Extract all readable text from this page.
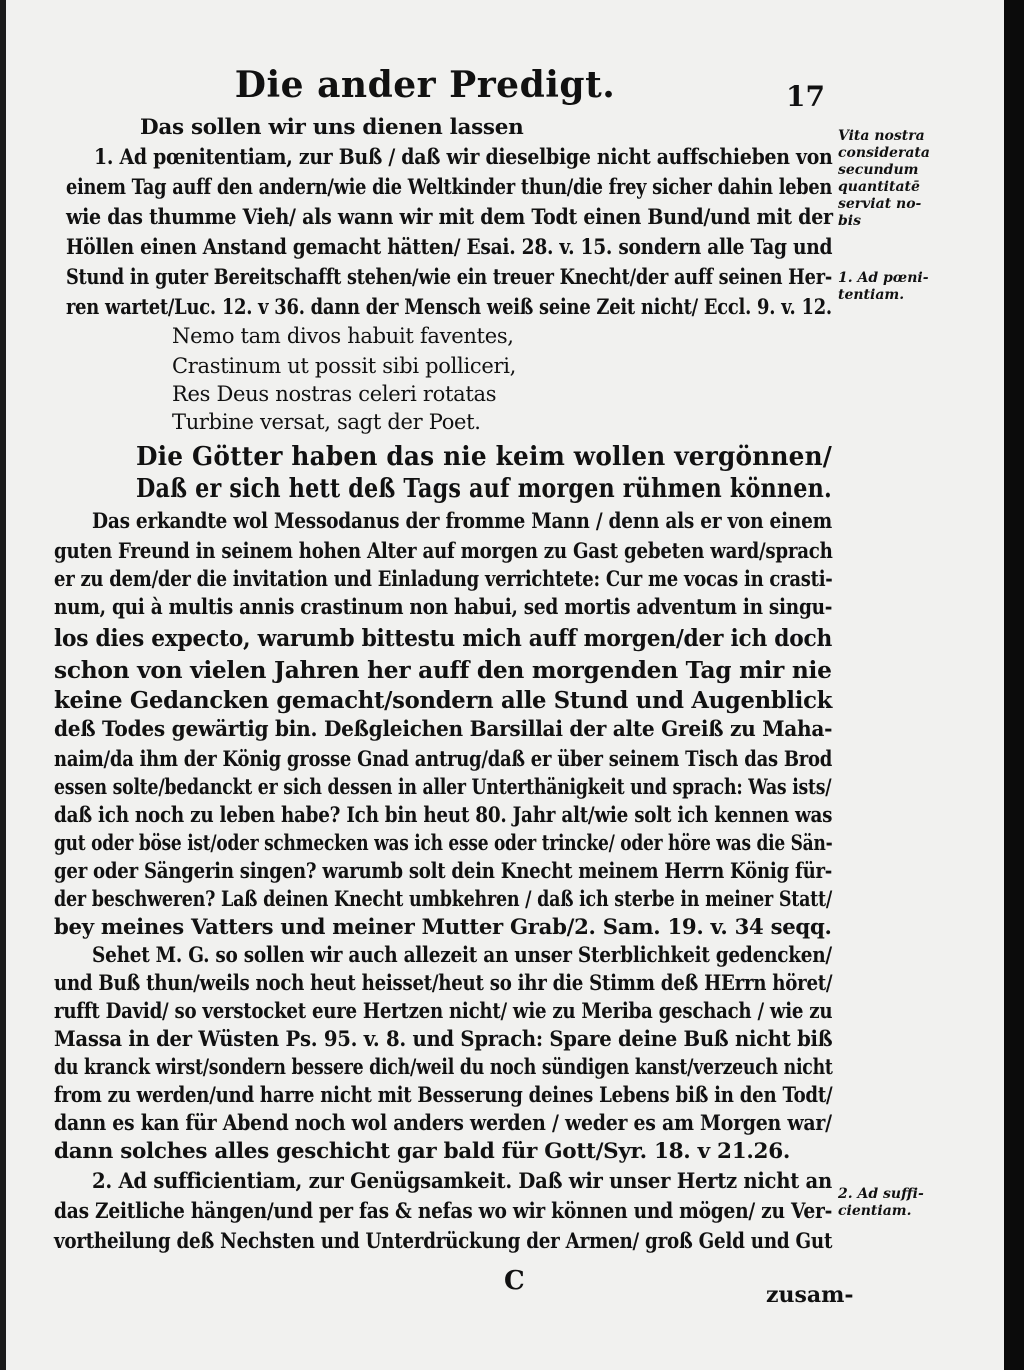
Die ander Predigt.	17
Das sollen wir uns dienen lassen
1. Ad pœnitentiam, zur Buß / daß wir dieselbige nicht auffschieben von
einem Tag auff den andern/wie die Weltkinder thun/die frey sicher dahin leben
wie das thumme Vieh/ als wann wir mit dem Todt einen Bund/und mit der
Höllen einen Anstand gemacht hätten/ Esai. 28. v. 15. sondern alle Tag und
Stund in guter Bereitschafft stehen/wie ein treuer Knecht/der auff seinen Her-
ren wartet/Luc. 12. v 36. dann der Mensch weiß seine Zeit nicht/ Eccl. 9. v. 12.
Nemo tam divos habuit faventes,
Crastinum ut possit sibi polliceri,
Res Deus nostras celeri rotatas
Turbine versat, sagt der Poet.
Die Götter haben das nie keim wollen vergönnen/
Daß er sich hett deß Tags auf morgen rühmen können.
Das erkandte wol Messodanus der fromme Mann / denn als er von einem
guten Freund in seinem hohen Alter auf morgen zu Gast gebeten ward/sprach
er zu dem/der die invitation und Einladung verrichtete: Cur me vocas in crasti-
num, qui à multis annis crastinum non habui, sed mortis adventum in singu-
los dies expecto, warumb bittestu mich auff morgen/der ich doch
schon von vielen Jahren her auff den morgenden Tag mir nie
keine Gedancken gemacht/sondern alle Stund und Augenblick
deß Todes gewärtig bin. Deßgleichen Barsillai der alte Greiß zu Maha-
naim/da ihm der König grosse Gnad antrug/daß er über seinem Tisch das Brod
essen solte/bedanckt er sich dessen in aller Unterthänigkeit und sprach: Was ists/
daß ich noch zu leben habe? Ich bin heut 80. Jahr alt/wie solt ich kennen was
gut oder böse ist/oder schmecken was ich esse oder trincke/ oder höre was die Sän-
ger oder Sängerin singen? warumb solt dein Knecht meinem Herrn König für-
der beschweren? Laß deinen Knecht umbkehren / daß ich sterbe in meiner Statt/
bey meines Vatters und meiner Mutter Grab/2. Sam. 19. v. 34 seqq.
Sehet M. G. so sollen wir auch allezeit an unser Sterblichkeit gedencken/
und Buß thun/weils noch heut heisset/heut so ihr die Stimm deß HErrn höret/
rufft David/ so verstocket eure Hertzen nicht/ wie zu Meriba geschach / wie zu
Massa in der Wüsten Ps. 95. v. 8. und Sprach: Spare deine Buß nicht biß
du kranck wirst/sondern bessere dich/weil du noch sündigen kanst/verzeuch nicht
from zu werden/und harre nicht mit Besserung deines Lebens biß in den Todt/
dann es kan für Abend noch wol anders werden / weder es am Morgen war/
dann solches alles geschicht gar bald für Gott/Syr. 18. v 21.26.
2. Ad sufficientiam, zur Genügsamkeit. Daß wir unser Hertz nicht an
das Zeitliche hängen/und per fas & nefas wo wir können und mögen/ zu Ver-
vortheilung deß Nechsten und Unterdrückung der Armen/ groß Geld und Gut
Vita nostra
considerata
secundum
quantitatē
serviat no-
bis
1. Ad pœni-
tentiam.
2. Ad suffi-
cientiam.
C	zusam-
